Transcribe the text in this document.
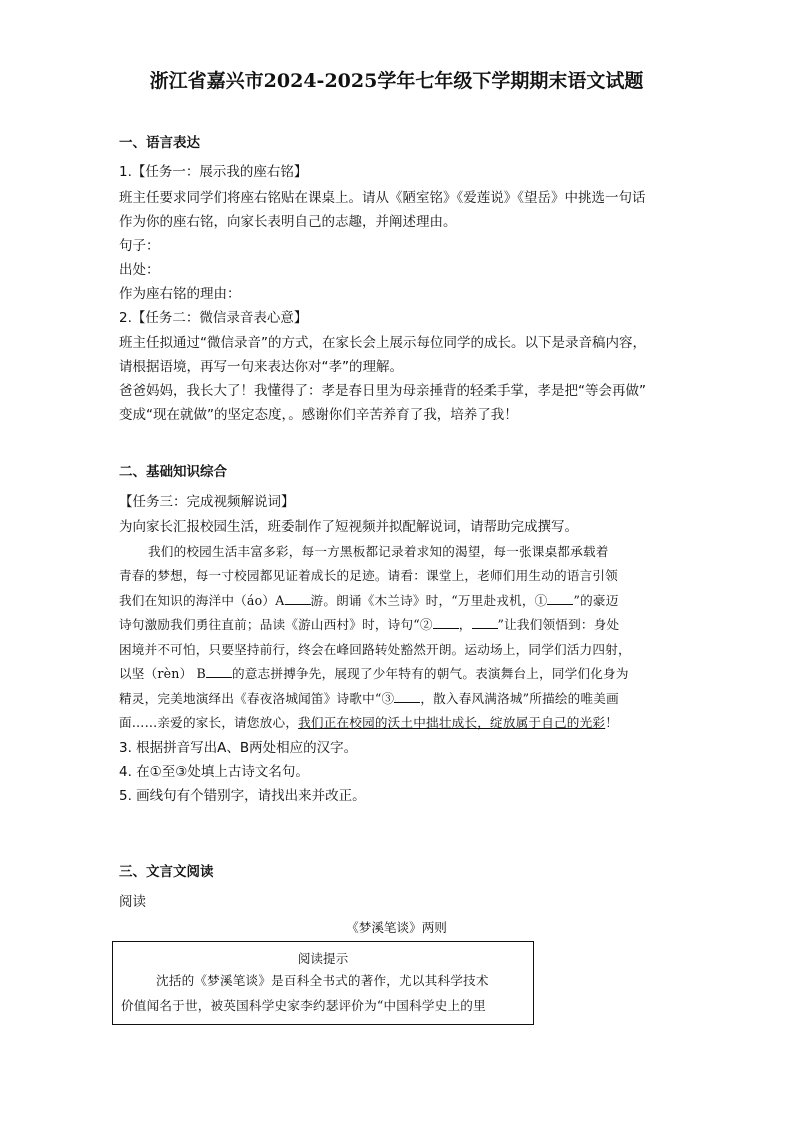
浙江省嘉兴市2024-2025学年七年级下学期期末语文试题
一、语言表达
1.【任务一：展示我的座右铭】
班主任要求同学们将座右铭贴在课桌上。请从《陋室铭》《爱莲说》《望岳》中挑选一句话
作为你的座右铭，向家长表明自己的志趣，并阐述理由。
句子：
出处：
作为座右铭的理由：
2.【任务二：微信录音表心意】
班主任拟通过“微信录音”的方式，在家长会上展示每位同学的成长。以下是录音稿内容，
请根据语境，再写一句来表达你对“孝”的理解。
爸爸妈妈，我长大了！我懂得了：孝是春日里为母亲捶背的轻柔手掌，孝是把“等会再做”
变成“现在就做”的坚定态度，。感谢你们辛苦养育了我，培养了我！
二、基础知识综合
【任务三：完成视频解说词】
为向家长汇报校园生活，班委制作了短视频并拟配解说词，请帮助完成撰写。
我们的校园生活丰富多彩，每一方黑板都记录着求知的渴望，每一张课桌都承载着
青春的梦想，每一寸校园都见证着成长的足迹。请看：课堂上，老师们用生动的语言引领
我们在知识的海洋中（áo）A 游。朗诵《木兰诗》时，“万里赴戎机，① ”的豪迈
诗句激励我们勇往直前；品读《游山西村》时，诗句“② ， ”让我们领悟到：身处
困境并不可怕，只要坚持前行，终会在峰回路转处豁然开朗。运动场上，同学们活力四射，
以坚（rèn） B 的意志拼搏争先，展现了少年特有的朝气。表演舞台上，同学们化身为
精灵，完美地演绎出《春夜洛城闻笛》诗歌中“③ ，散入春风满洛城”所描绘的唯美画
面……亲爱的家长，请您放心，我们正在校园的沃土中拙壮成长，绽放属于自己的光彩！
3. 根据拼音写出A、B两处相应的汉字。
4. 在①至③处填上古诗文名句。
5. 画线句有个错别字，请找出来并改正。
三、文言文阅读
阅读
《梦溪笔谈》两则
阅读提示
沈括的《梦溪笔谈》是百科全书式的著作，尤以其科学技术
价值闻名于世，被英国科学史家李约瑟评价为“中国科学史上的里
